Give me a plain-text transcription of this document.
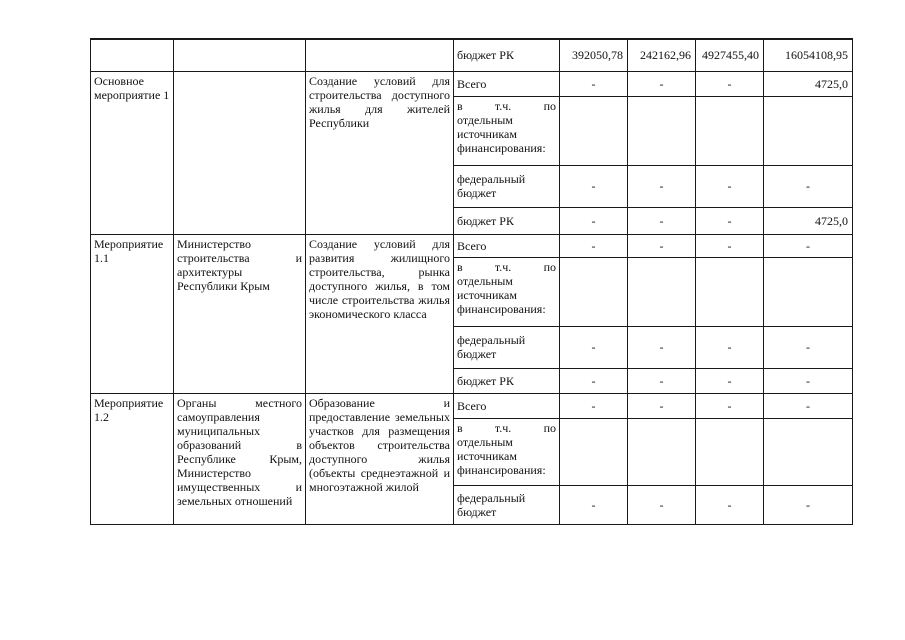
			бюджет РК	392050,78	242162,96	4927455,40	16054108,95
Основное мероприятие 1		Создание условий для строительства доступного жилья для жителей Республики	Всего	-	-	-	4725,0
			в т.ч. по отдельным источникам финансирования:				
			федеральный бюджет	-	-	-	-
			бюджет РК	-	-	-	4725,0
Мероприятие 1.1	Министерство строительства и архитектуры Республики Крым	Создание условий для развития жилищного строительства, рынка доступного жилья, в том числе строительства жилья экономического класса	Всего	-	-	-	-
			в т.ч. по отдельным источникам финансирования:				
			федеральный бюджет	-	-	-	-
			бюджет РК	-	-	-	-
Мероприятие 1.2	Органы местного самоуправления муниципальных образований в Республике Крым, Министерство имущественных и земельных отношений	Образование и предоставление земельных участков для размещения объектов строительства доступного жилья (объекты среднеэтажной и многоэтажной жилой	Всего	-	-	-	-
			в т.ч. по отдельным источникам финансирования:				
			федеральный бюджет	-	-	-	-
